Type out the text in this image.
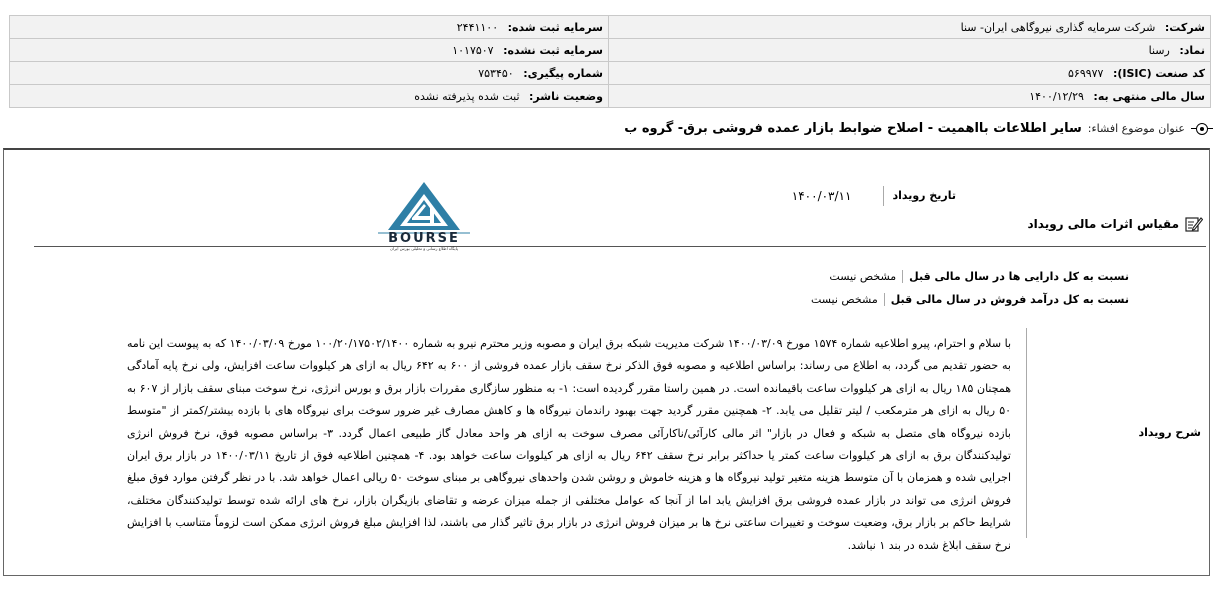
شرکت: شرکت سرمایه گذاری نیروگاهی ایران- سنا	سرمایه ثبت شده: ۲۴۴۱۱۰۰
نماد: رسنا	سرمایه ثبت نشده: ۱۰۱۷۵۰۷
کد صنعت (ISIC): ۵۶۹۹۷۷	شماره پیگیری: ۷۵۳۴۵۰
سال مالی منتهی به: ۱۴۰۰/۱۲/۲۹	وضعیت ناشر: ثبت شده پذیرفته نشده
عنوان موضوع افشاء:
سایر اطلاعات بااهمیت - اصلاح ضوابط بازار عمده فروشی برق- گروه ب
تاریخ رویداد
۱۴۰۰/۰۳/۱۱
مقیاس اثرات مالی رویداد
BOURSE
پایگاه اطلاع رسانی و تحلیلی بورس ایران
نسبت به کل دارایی ها در سال مالی قبل
مشخص نیست
نسبت به کل درآمد فروش در سال مالی قبل
مشخص نیست
شرح رویداد
با سلام و احترام، پیرو اطلاعیه شماره ۱۵۷۴ مورخ ۱۴۰۰/۰۳/۰۹ شرکت مدیریت شبکه برق ایران و مصوبه وزیر محترم نیرو به شماره ۱۰۰/۲۰/۱۷۵۰۲/۱۴۰۰ مورخ ۱۴۰۰/۰۳/۰۹ که به پیوست این نامه به حضور تقدیم می گردد، به اطلاع می رساند: براساس اطلاعیه و مصوبه فوق الذکر نرخ سقف بازار عمده فروشی از ۶۰۰ به ۶۴۲ ریال به ازای هر کیلووات ساعت افزایش، ولی نرخ پایه آمادگی همچنان ۱۸۵ ریال به ازای هر کیلووات ساعت باقیمانده است. در همین راستا مقرر گردیده است: ۱- به منظور سازگاری مقررات بازار برق و بورس انرژی، نرخ سوخت مبنای سقف بازار از ۶۰۷ به ۵۰ ریال به ازای هر مترمکعب / لیتر تقلیل می یابد. ۲- همچنین مقرر گردید جهت بهبود راندمان نیروگاه ها و کاهش مصارف غیر ضرور سوخت برای نیروگاه های با بازده بیشتر/کمتر از "متوسط بازده نیروگاه های متصل به شبکه و فعال در بازار" اثر مالی کارآئی/ناکارآئی مصرف سوخت به ازای هر واحد معادل گاز طبیعی اعمال گردد. ۳- براساس مصوبه فوق، نرخ فروش انرژی تولیدکنندگان برق به ازای هر کیلووات ساعت کمتر یا حداکثر برابر نرخ سقف ۶۴۲ ریال به ازای هر کیلووات ساعت خواهد بود. ۴- همچنین اطلاعیه فوق از تاریخ ۱۴۰۰/۰۳/۱۱ در بازار برق ایران اجرایی شده و همزمان با آن متوسط هزینه متغیر تولید نیروگاه ها و هزینه خاموش و روشن شدن واحدهای نیروگاهی بر مبنای سوخت ۵۰ ریالی اعمال خواهد شد. با در نظر گرفتن موارد فوق مبلغ فروش انرژی می تواند در بازار عمده فروشی برق افزایش یابد اما از آنجا که عوامل مختلفی از جمله میزان عرضه و تقاضای بازیگران بازار، نرخ های ارائه شده توسط تولیدکنندگان مختلف، شرایط حاکم بر بازار برق، وضعیت سوخت و تغییرات ساعتی نرخ ها بر میزان فروش انرژی در بازار برق تاثیر گذار می باشند، لذا افزایش مبلغ فروش انرژی ممکن است لزوماً متناسب با افزایش نرخ سقف ابلاغ شده در بند ۱ نباشد.
